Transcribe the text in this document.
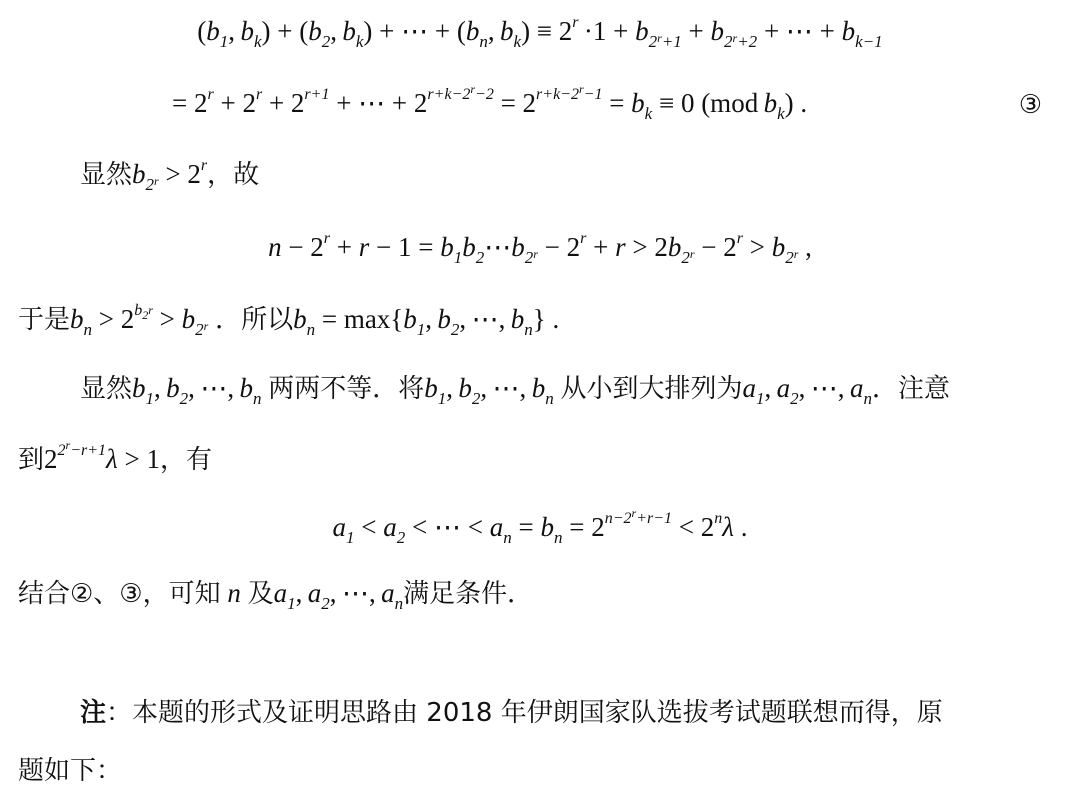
($b_1$, $b_k) + (b_2$, $b_k$) + ⋯ + ($b_n$, $b_k) \equiv 2^r \cdot 1 + b_{2^r+1} + b_{2^r+2}$ + ⋯ + $b_{k-1}$
= $2^r + 2^r + 2^{r+1}$ + ⋯ + $2^{r+k-2^r-2} = 2^{r+k-2^r-1} = b_k \equiv 0$ (mod $b_k$) .	③
显然$b_{2^r} > 2^r$，故
$n - 2^r + r - 1$ = $b_1b_2\cdots b_{2^r} - 2^r + r > 2b_{2^r} - 2^r > b_{2^r}$ ,
于是$b_n > 2^{b_{2^r}} > b_{2^r}$ ．所以$b_n = \max\{b_1$, $b_2$, ⋯, $b_n$} .
显然$b_1$, $b_2$, ⋯, $b_n$ 两两不等．将$b_1$, $b_2$, ⋯, $b_n$ 从小到大排列为$a_1$, $a_2$, ⋯, $a_n$．注意
到$2^{2^r-r+1}\lambda > 1$，有
$a_1 < a_2$ < ⋯ < $a_n = b_n = 2^{n-2^r+r-1} < 2^n\lambda$ .
结合②、③，可知 n 及$a_1$, $a_2$, ⋯, $a_n$满足条件．
注：本题的形式及证明思路由 2018 年伊朗国家队选拔考试题联想而得，原
题如下：
